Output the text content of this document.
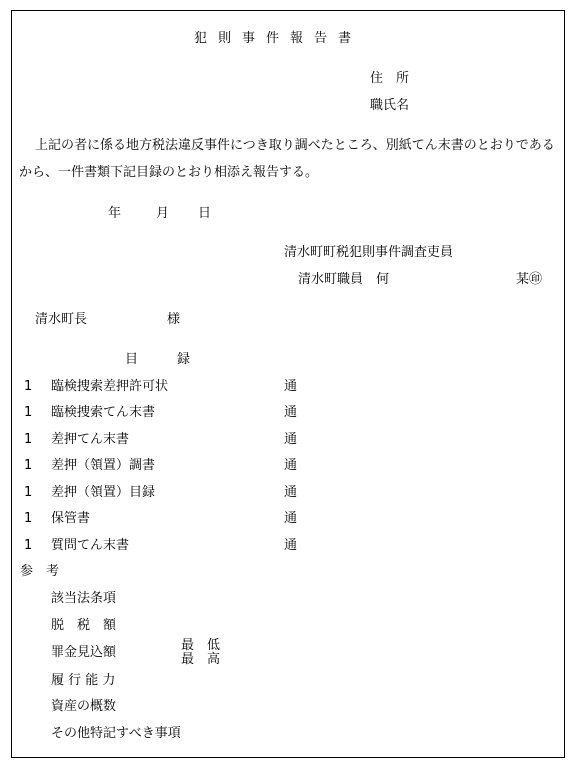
犯則事件報告書
住　所
職氏名
上記の者に係る地方税法違反事件につき取り調べたところ、別紙てん末書のとおりであるから、一件書類下記目録のとおり相添え報告する。
年	月 日
清水町町税犯則事件調査吏員
清水町職員　何	某㊞
清水町長	様
目　　　録
1 臨検捜索差押許可状	通
1 臨検捜索てん末書	通
1 差押てん末書	通
1 差押（領置）調書	通
1 差押（領置）目録	通
1 保管書	通
1 質問てん末書	通
参　考
該当法条項
脱　税　額
罪金見込額	最　低
最　高
履 行 能 力
資産の概数
その他特記すべき事項
